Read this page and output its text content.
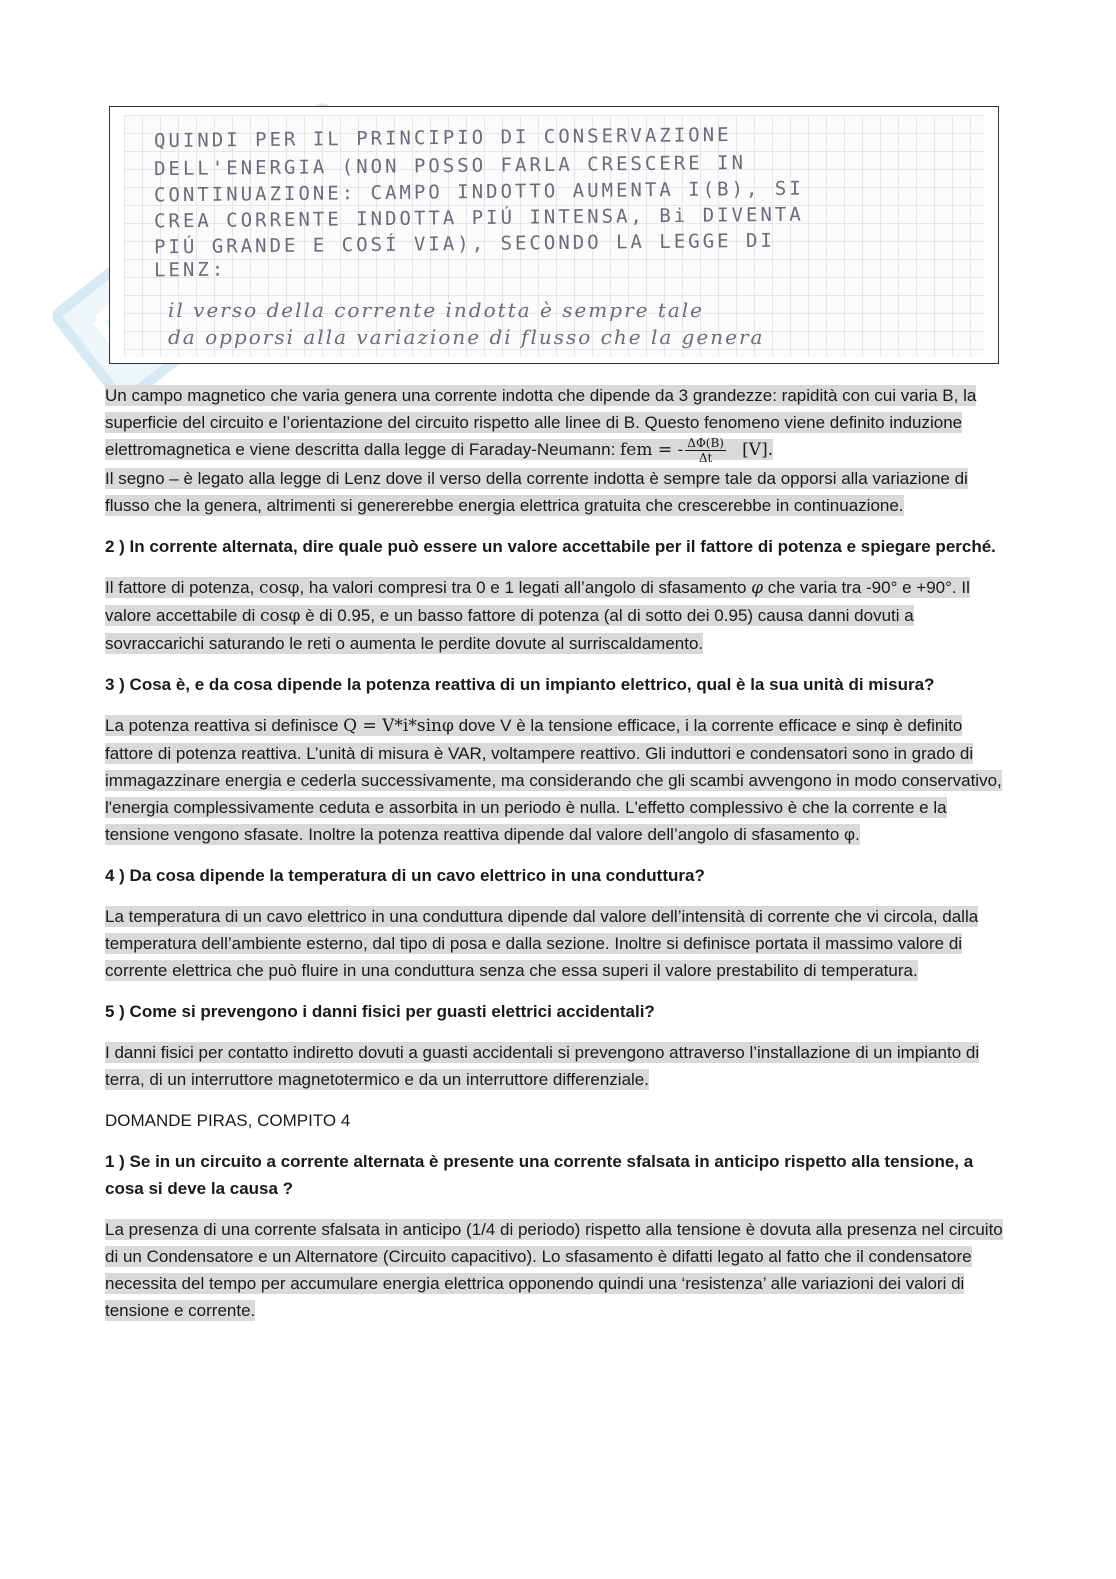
QUINDI PER IL PRINCIPIO DI CONSERVAZIONE
DELL'ENERGIA (NON POSSO FARLA CRESCERE IN
CONTINUAZIONE: CAMPO INDOTTO AUMENTA I(B), SI
CREA CORRENTE INDOTTA PIÚ INTENSA, Bi DIVENTA
PIÚ GRANDE E COSÍ VIA), SECONDO LA LEGGE DI
LENZ:
il verso della corrente indotta è sempre tale
da opporsi alla variazione di flusso che la genera

Un campo magnetico che varia genera una corrente indotta che dipende da 3 grandezze: rapidità con cui varia B, la superficie del circuito e l’orientazione del circuito rispetto alle linee di B. Questo fenomeno viene definito induzione elettromagnetica e viene descritta dalla legge di Faraday-Neumann: fem = - $\frac{\Delta\Phi(B)}{\Delta t} [V]$.
Il segno – è legato alla legge di Lenz dove il verso della corrente indotta è sempre tale da opporsi alla variazione di flusso che la genera, altrimenti si genererebbe energia elettrica gratuita che crescerebbe in continuazione.

2 ) In corrente alternata, dire quale può essere un valore accettabile per il fattore di potenza e spiegare perché.

Il fattore di potenza, cosφ, ha valori compresi tra 0 e 1 legati all’angolo di sfasamento φ che varia tra -90° e +90°. Il valore accettabile di cosφ è di 0.95, e un basso fattore di potenza (al di sotto dei 0.95) causa danni dovuti a sovraccarichi saturando le reti o aumenta le perdite dovute al surriscaldamento.

3 ) Cosa è, e da cosa dipende la potenza reattiva di un impianto elettrico, qual è la sua unità di misura?

La potenza reattiva si definisce Q = V*i*sinφ dove V è la tensione efficace, i la corrente efficace e sinφ è definito fattore di potenza reattiva. L’unità di misura è VAR, voltampere reattivo. Gli induttori e condensatori sono in grado di immagazzinare energia e cederla successivamente, ma considerando che gli scambi avvengono in modo conservativo, l'energia complessivamente ceduta e assorbita in un periodo è nulla. L'effetto complessivo è che la corrente e la tensione vengono sfasate. Inoltre la potenza reattiva dipende dal valore dell’angolo di sfasamento φ.

4 ) Da cosa dipende la temperatura di un cavo elettrico in una conduttura?

La temperatura di un cavo elettrico in una conduttura dipende dal valore dell’intensità di corrente che vi circola, dalla temperatura dell’ambiente esterno, dal tipo di posa e dalla sezione. Inoltre si definisce portata il massimo valore di corrente elettrica che può fluire in una conduttura senza che essa superi il valore prestabilito di temperatura.

5 ) Come si prevengono i danni fisici per guasti elettrici accidentali?

I danni fisici per contatto indiretto dovuti a guasti accidentali si prevengono attraverso l’installazione di un impianto di terra, di un interruttore magnetotermico e da un interruttore differenziale.

DOMANDE PIRAS, COMPITO 4

1 ) Se in un circuito a corrente alternata è presente una corrente sfalsata in anticipo rispetto alla tensione, a cosa si deve la causa ?

La presenza di una corrente sfalsata in anticipo (1/4 di periodo) rispetto alla tensione è dovuta alla presenza nel circuito di un Condensatore e un Alternatore (Circuito capacitivo). Lo sfasamento è difatti legato al fatto che il condensatore necessita del tempo per accumulare energia elettrica opponendo quindi una ‘resistenza’ alle variazioni dei valori di tensione e corrente.
